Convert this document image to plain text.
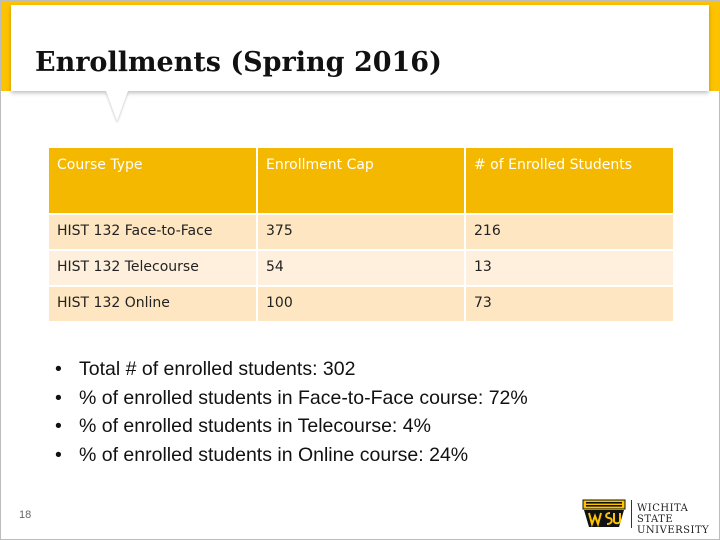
Enrollments (Spring 2016)
Course Type	Enrollment Cap	# of Enrolled Students
HIST 132 Face-to-Face	375	216
HIST 132 Telecourse	54	13
HIST 132 Online	100	73
• Total # of enrolled students: 302
• % of enrolled students in Face-to-Face course: 72%
• % of enrolled students in Telecourse: 4%
• % of enrolled students in Online course: 24%
18
WICHITA STATE
UNIVERSITY
